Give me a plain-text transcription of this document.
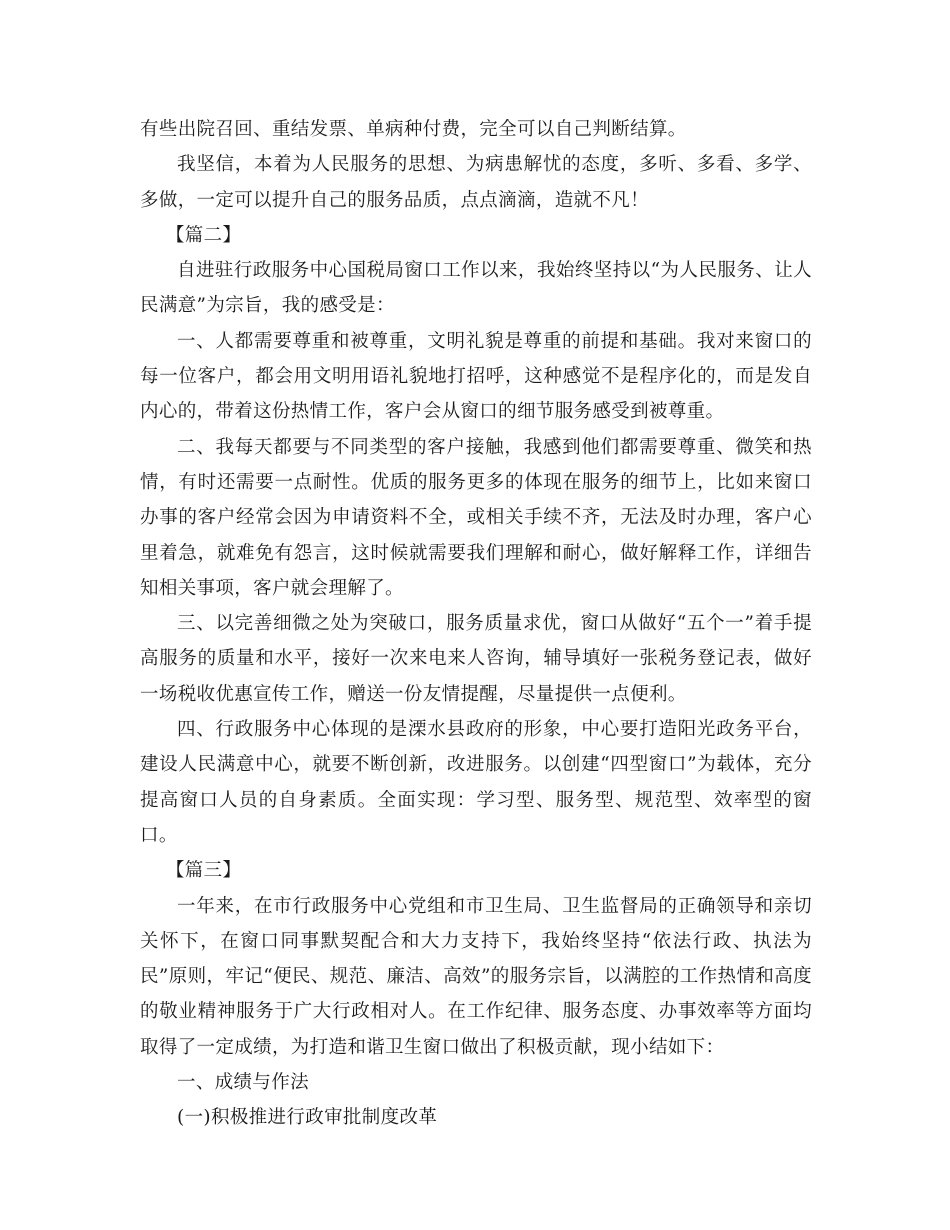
有些出院召回、重结发票、单病种付费，完全可以自己判断结算。

我坚信，本着为人民服务的思想、为病患解忧的态度，多听、多看、多学、多做，一定可以提升自己的服务品质，点点滴滴，造就不凡！

【篇二】

自进驻行政服务中心国税局窗口工作以来，我始终坚持以“为人民服务、让人民满意”为宗旨，我的感受是：

一、人都需要尊重和被尊重，文明礼貌是尊重的前提和基础。我对来窗口的每一位客户，都会用文明用语礼貌地打招呼，这种感觉不是程序化的，而是发自内心的，带着这份热情工作，客户会从窗口的细节服务感受到被尊重。

二、我每天都要与不同类型的客户接触，我感到他们都需要尊重、微笑和热情，有时还需要一点耐性。优质的服务更多的体现在服务的细节上，比如来窗口办事的客户经常会因为申请资料不全，或相关手续不齐，无法及时办理，客户心里着急，就难免有怨言，这时候就需要我们理解和耐心，做好解释工作，详细告知相关事项，客户就会理解了。

三、以完善细微之处为突破口，服务质量求优，窗口从做好“五个一”着手提高服务的质量和水平，接好一次来电来人咨询，辅导填好一张税务登记表，做好一场税收优惠宣传工作，赠送一份友情提醒，尽量提供一点便利。

四、行政服务中心体现的是溧水县政府的形象，中心要打造阳光政务平台，建设人民满意中心，就要不断创新，改进服务。以创建“四型窗口”为载体，充分提高窗口人员的自身素质。全面实现：学习型、服务型、规范型、效率型的窗口。

【篇三】

一年来，在市行政服务中心党组和市卫生局、卫生监督局的正确领导和亲切关怀下，在窗口同事默契配合和大力支持下，我始终坚持“依法行政、执法为民”原则，牢记“便民、规范、廉洁、高效”的服务宗旨，以满腔的工作热情和高度的敬业精神服务于广大行政相对人。在工作纪律、服务态度、办事效率等方面均取得了一定成绩，为打造和谐卫生窗口做出了积极贡献，现小结如下：

一、成绩与作法

(一)积极推进行政审批制度改革
